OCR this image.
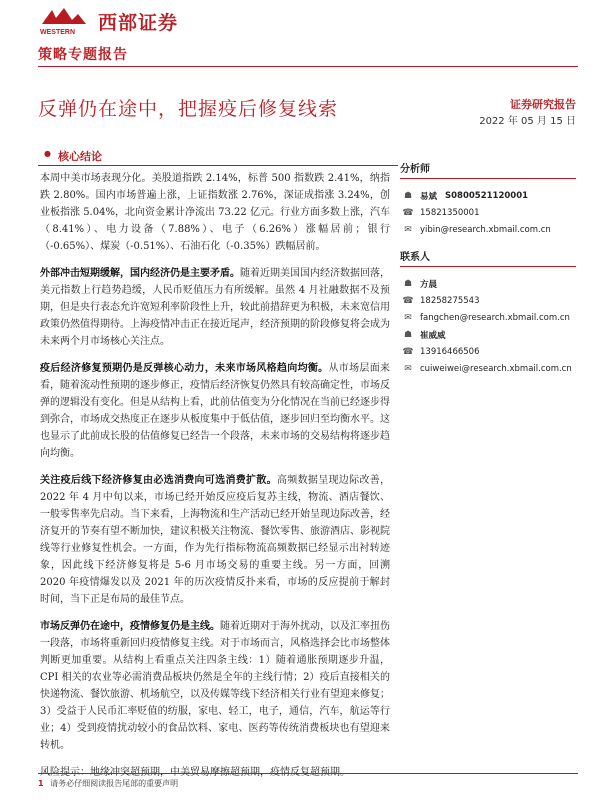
WESTERN 西部证券
策略专题报告
反弹仍在途中，把握疫后修复线索	证券研究报告
2022 年 05 月 15 日
● 核心结论

本周中美市场表现分化。美股道指跌 2.14%，标普 500 指数跌 2.41%，纳指跌 2.80%。国内市场普遍上涨，上证指数涨 2.76%，深证成指涨 3.24%，创业板指涨 5.04%，北向资金累计净流出 73.22 亿元。行业方面多数上涨，汽车（8.41%）、电力设备（7.88%）、电子（6.26%）涨幅居前；银行（-0.65%）、煤炭（-0.51%）、石油石化（-0.35%）跌幅居前。

外部冲击短期缓解，国内经济仍是主要矛盾。随着近期美国国内经济数据回落，美元指数上行趋势趋缓，人民币贬值压力有所缓解。虽然 4 月社融数据不及预期，但是央行表态允许宽短利率阶段性上升，较此前措辞更为积极，未来宽信用政策仍然值得期待。上海疫情冲击正在接近尾声，经济预期的阶段修复将会成为未来两个月市场核心关注点。

疫后经济修复预期仍是反弹核心动力，未来市场风格趋向均衡。从市场层面来看，随着流动性预期的逐步修正，疫情后经济恢复仍然具有较高确定性，市场反弹的逻辑没有变化。但是从结构上看，此前估值变为分化情况在当前已经逐步得到弥合，市场成交热度正在逐步从板度集中于低估值，逐步回归至均衡水平。这也显示了此前成长股的估值修复已经告一个段落，未来市场的交易结构将逐步趋向均衡。

关注疫后线下经济修复由必选消费向可选消费扩散。高频数据呈现边际改善，2022 年 4 月中旬以来，市场已经开始反应疫后复苏主线，物流、酒店餐饮、一般零售率先启动。当下来看，上海物流和生产活动已经开始呈现边际改善，经济复开的节奏有望不断加快，建议积极关注物流、餐饮零售、旅游酒店、影视院线等行业修复性机会。一方面，作为先行指标物流高频数据已经显示出衬转迹象，因此线下经济修复将是 5-6 月市场交易的重要主线。另一方面，回溯 2020 年疫情爆发以及 2021 年的历次疫情反扑来看，市场的反应提前于解封时间，当下正是布局的最佳节点。

市场反弹仍在途中，疫情修复仍是主线。随着近期对于海外扰动，以及汇率扭伤一段落，市场将重新回归疫情修复主线。对于市场而言，风格选择会比市场整体判断更加重要。从结构上看重点关注四条主线：1）随着通胀预期逐步升温，CPI 相关的农业等必需消费品板块仍然是全年的主线行情；2）疫后直接相关的快递物流、餐饮旅游、机场航空，以及传媒等线下经济相关行业有望迎来修复；3）受益于人民币汇率贬值的纺服，家电、轻工，电子，通信，汽车，航运等行业；4）受到疫情扰动较小的食品饮料、家电、医药等传统消费板块也有望迎来转机。

分析师
☗ 易斌 S0800521120001
☎ 15821350001
✉ yibin@research.xbmail.com.cn
联系人
☗ 方晨
☎ 18258275543
✉ fangchen@research.xbmail.com.cn
☗ 崔威威
☎ 13916466506
✉ cuiweiwei@research.xbmail.com.cn
1 请务必仔细阅读报告尾部的重要声明
